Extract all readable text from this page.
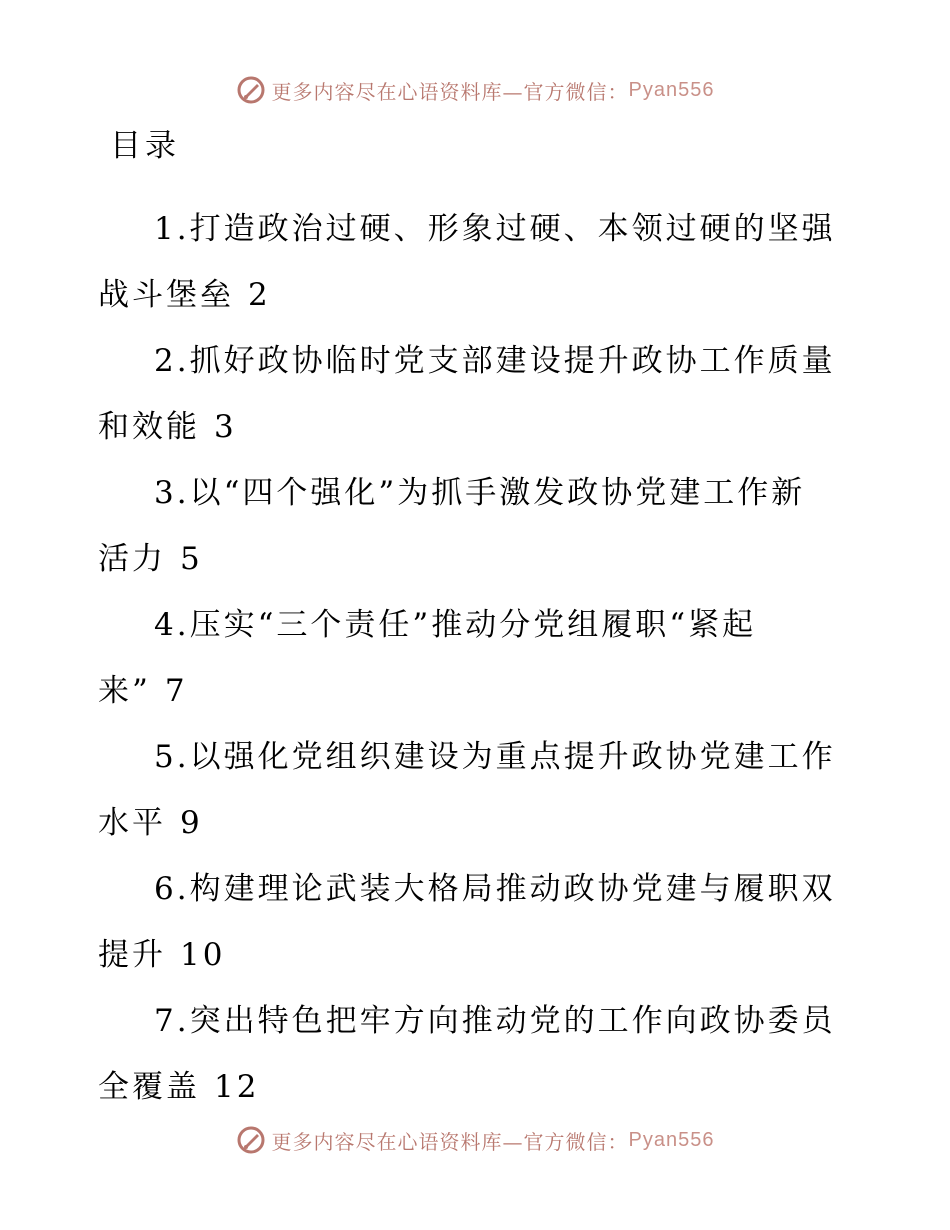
更多内容尽在心语资料库—官方微信： Pyan556
目录
1.打造政治过硬、形象过硬、本领过硬的坚强战斗堡垒 2
2.抓好政协临时党支部建设提升政协工作质量和效能 3
3.以“四个强化”为抓手激发政协党建工作新活力 5
4.压实“三个责任”推动分党组履职“紧起来” 7
5.以强化党组织建设为重点提升政协党建工作水平 9
6.构建理论武装大格局推动政协党建与履职双提升 10
7.突出特色把牢方向推动党的工作向政协委员全覆盖 12
更多内容尽在心语资料库—官方微信： Pyan556
